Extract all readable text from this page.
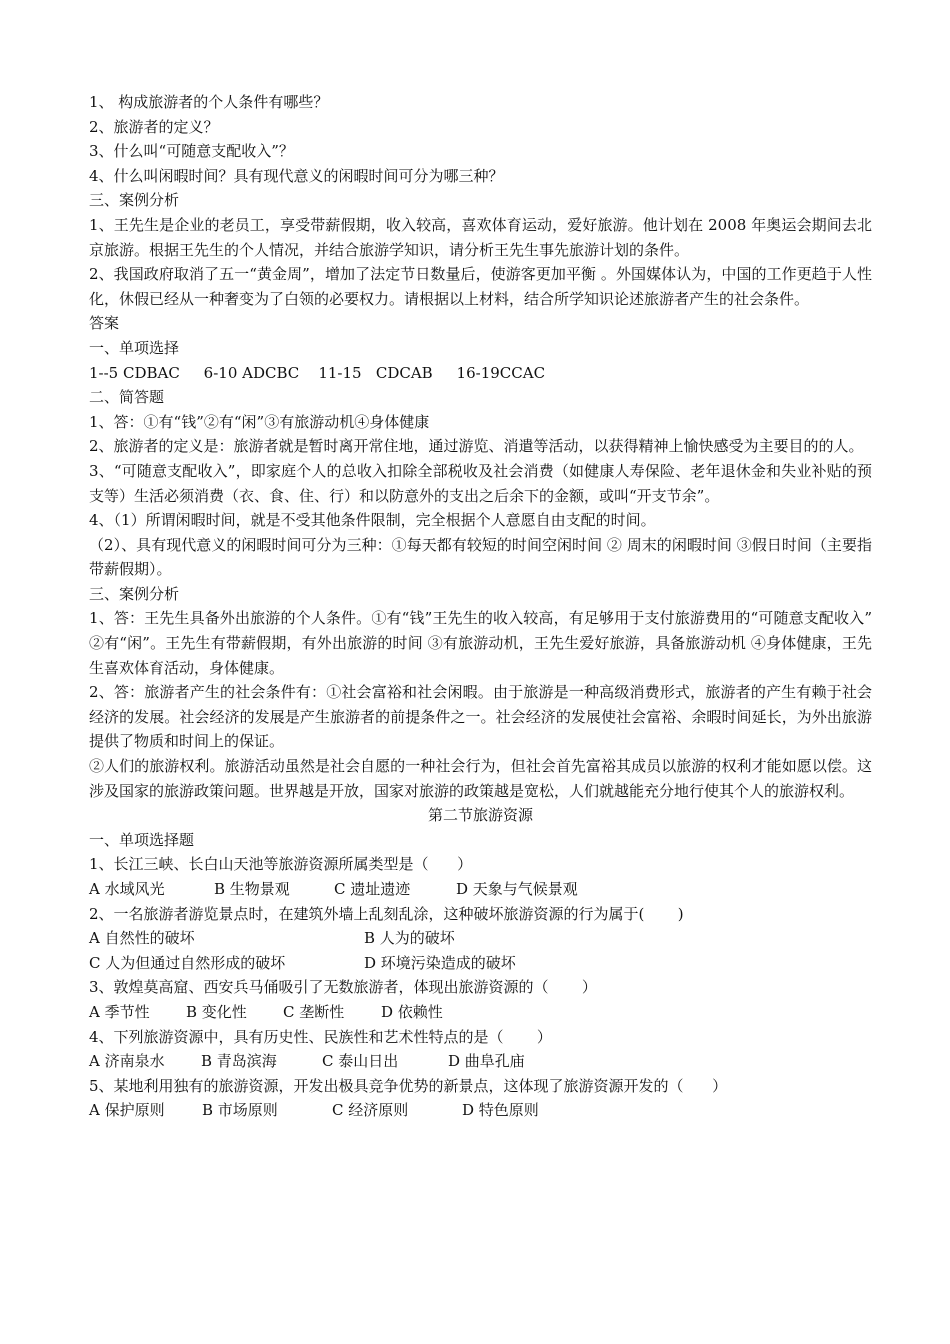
1、 构成旅游者的个人条件有哪些？
2、旅游者的定义？
3、什么叫“可随意支配收入”？
4、什么叫闲暇时间？具有现代意义的闲暇时间可分为哪三种？
三、案例分析
1、王先生是企业的老员工，享受带薪假期，收入较高，喜欢体育运动，爱好旅游。他计划在 2008 年奥运会期间去北京旅游。根据王先生的个人情况，并结合旅游学知识，请分析王先生事先旅游计划的条件。
2、我国政府取消了五一“黄金周”，增加了法定节日数量后，使游客更加平衡 。外国媒体认为，中国的工作更趋于人性化，休假已经从一种奢变为了白领的必要权力。请根据以上材料，结合所学知识论述旅游者产生的社会条件。
答案
一、单项选择
1--5 CDBAC     6-10 ADCBC    11-15   CDCAB     16-19CCAC
二、简答题
1、答：①有“钱”②有“闲”③有旅游动机④身体健康
2、旅游者的定义是：旅游者就是暂时离开常住地，通过游览、消遣等活动，以获得精神上愉快感受为主要目的的人。
3、“可随意支配收入”，即家庭个人的总收入扣除全部税收及社会消费（如健康人寿保险、老年退休金和失业补贴的预支等）生活必须消费（衣、食、住、行）和以防意外的支出之后余下的金额，或叫“开支节余”。
4、（1）所谓闲暇时间，就是不受其他条件限制，完全根据个人意愿自由支配的时间。
（2）、具有现代意义的闲暇时间可分为三种：①每天都有较短的时间空闲时间 ② 周末的闲暇时间 ③假日时间（主要指带薪假期）。
三、案例分析
1、答：王先生具备外出旅游的个人条件。①有“钱”王先生的收入较高，有足够用于支付旅游费用的“可随意支配收入” ②有“闲”。王先生有带薪假期，有外出旅游的时间 ③有旅游动机，王先生爱好旅游，具备旅游动机 ④身体健康，王先生喜欢体育活动，身体健康。
2、答：旅游者产生的社会条件有：①社会富裕和社会闲暇。由于旅游是一种高级消费形式，旅游者的产生有赖于社会经济的发展。社会经济的发展是产生旅游者的前提条件之一。社会经济的发展使社会富裕、余暇时间延长，为外出旅游提供了物质和时间上的保证。
②人们的旅游权利。旅游活动虽然是社会自愿的一种社会行为，但社会首先富裕其成员以旅游的权利才能如愿以偿。这涉及国家的旅游政策问题。世界越是开放，国家对旅游的政策越是宽松，人们就越能充分地行使其个人的旅游权利。
第二节旅游资源
一、单项选择题
1、长江三峡、长白山天池等旅游资源所属类型是（      ）
A 水域风光	B 生物景观	C 遗址遗迹	D 天象与气候景观
2、一名旅游者游览景点时，在建筑外墙上乱刻乱涂，这种破坏旅游资源的行为属于(       )
A 自然性的破坏	B 人为的破坏
C 人为但通过自然形成的破坏	D 环境污染造成的破坏
3、敦煌莫高窟、西安兵马俑吸引了无数旅游者，体现出旅游资源的（       ）
A 季节性 B 变化性 C 垄断性 D 依赖性
4、下列旅游资源中，具有历史性、民族性和艺术性特点的是（       ）
A 济南泉水 B 青岛滨海	C 泰山日出	D 曲阜孔庙
5、某地利用独有的旅游资源，开发出极具竞争优势的新景点，这体现了旅游资源开发的（      ）
A 保护原则 B 市场原则	C 经济原则	D 特色原则
